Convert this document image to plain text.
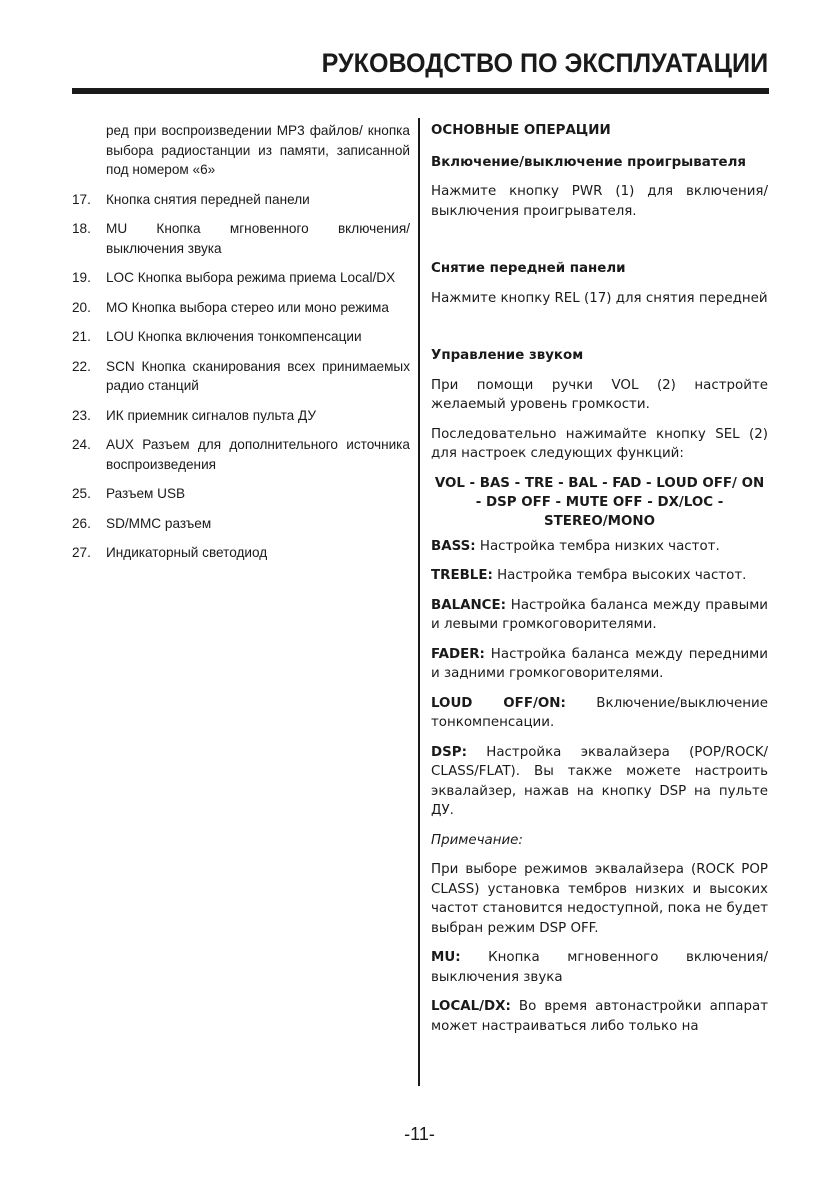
РУКОВОДСТВО ПО ЭКСПЛУАТАЦИИ

ред при воспроизведении MP3 файлов/ кнопка выбора радиостанции из памяти, записанной под номером «6»

17.	Кнопка снятия передней панели
18.	MU Кнопка мгновенного включения/выключения звука
19.	LOC Кнопка выбора режима приема Local/DX
20.	MO Кнопка выбора стерео или моно режима
21.	LOU Кнопка включения тонкомпенсации
22.	SCN Кнопка сканирования всех принимаемых радио станций
23.	ИК приемник сигналов пульта ДУ
24.	AUX Разъем для дополнительного источника воспроизведения
25.	Разъем USB
26.	SD/MMC разъем
27.	Индикаторный светодиод
ОСНОВНЫЕ ОПЕРАЦИИ
Включение/выключение проигрывателя

Нажмите кнопку PWR (1) для включения/выключения проигрывателя.

Снятие передней панели

Нажмите кнопку REL (17) для снятия передней

Управление звуком

При помощи ручки VOL (2) настройте желаемый уровень громкости.

Последовательно нажимайте кнопку SEL (2) для настроек следующих функций:

VOL - BAS - TRE - BAL - FAD - LOUD OFF/ ON - DSP OFF - MUTE OFF - DX/LOC - STEREO/MONO

BASS: Настройка тембра низких частот.

TREBLE: Настройка тембра высоких частот.

BALANCE: Настройка баланса между правыми и левыми громкоговорителями.

FADER: Настройка баланса между передними и задними громкоговорителями.

LOUD OFF/ON: Включение/выключение тонкомпенсации.

DSP: Настройка эквалайзера (POP/ROCK/ CLASS/FLAT). Вы также можете настроить эквалайзер, нажав на кнопку DSP на пульте ДУ.

Примечание:

При выборе режимов эквалайзера (ROCK POP CLASS) установка тембров низких и высоких частот становится недоступной, пока не будет выбран режим DSP OFF.

MU: Кнопка мгновенного включения/выключения звука

LOCAL/DX: Во время автонастройки аппарат может настраиваться либо только на

-11-
